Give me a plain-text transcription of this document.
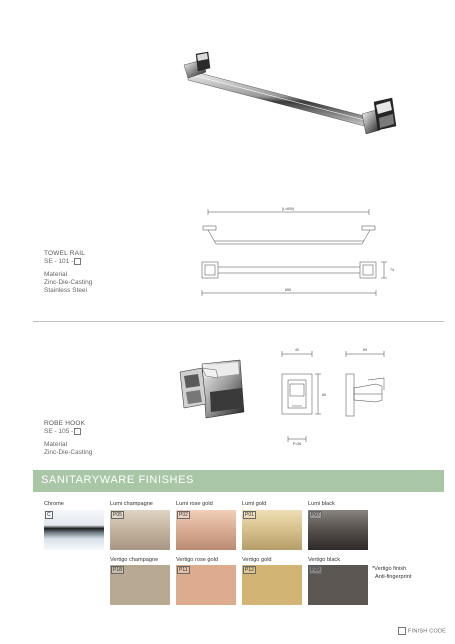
(L=600)
74
655
TOWEL RAIL
SE - 101 -
Material
Zinc-Die-Casting
Stainless Steel
40	69
60
P=26
ROBE HOOK
SE - 105 -
Material
Zinc-Die-Casting
SANITARYWARE FINISHES
Chrome
C
Lumi champagne
P05
Lumi rose gold
P02
Lumi gold
P01
Lumi black
P07
Vertigo champagne
P18
Vertigo rose gold
P11
Vertigo gold
P12
Vertigo black
P29	*Vertigo finish
Anti-fingerprint
FINISH CODE
